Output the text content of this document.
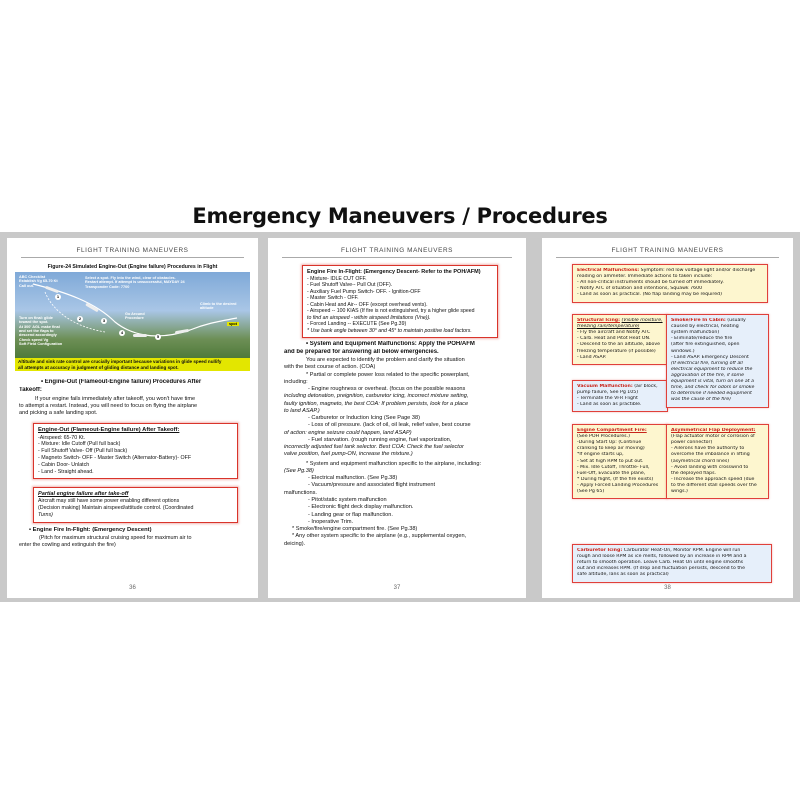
Emergency Maneuvers / Procedures
FLIGHT TRAINING MANEUVERS
Figure-24 Simulated Engine-Out (Engine failure) Procedures in Flight
ABC Checklist
Establish Vg 65-70 Kt
Call out.
Select a spot. Fly into the wind, clear of obstacles.
Restart attempt. If attempt is unsuccessful, MAYDAY 24
Transponder Code: 7700
Turn on final: glide
toward the spot.
At 300' AGL make final
and set the flaps to
descend accordingly
Check speed Vg
Soft Field Configuration
Go Around
Procedure
Climb to the desired
altitude
spot
1
2	3
4
5
Altitude and sink rate control are crucially important because variations in glide speed nullify
all attempts at accuracy in judgment of gliding distance and landing spot.
• Engine-Out (Flameout-Engine failure) Procedures After
Takeoff:
If your engine fails immediately after takeoff, you won't have time
to attempt a restart. Instead, you will need to focus on flying the airplane
and picking a safe landing spot.
Engine-Out (Flameout-Engine failure) After Takeoff:
-Airspeed: 65-70 Kt.
- Mixture: Idle Cutoff (Pull full back)
- Full Shutoff Valve- Off (Pull full back)
- Magneto Switch- OFF - Master Switch (Alternator-Battery)- OFF
- Cabin Door- Unlatch
- Land - Straight ahead.
Partial engine failure after take-off
Aircraft may still have some power enabling different options
(Decision making) Maintain airspeed/attitude control. (Coordinated
Turns)
• Engine Fire In-Flight: (Emergency Descent)
(Pitch for maximum structural cruising speed for maximum air to
enter the cowling and extinguish the fire)
36
FLIGHT TRAINING MANEUVERS
Engine Fire In-Flight: (Emergency Descent- Refer to the POH/AFM)
- Mixture- IDLE CUT OFF.
- Fuel Shutoff Valve-- Pull Out (OFF).
- Auxiliary Fuel Pump Switch- OFF. - Ignition-OFF
- Master Switch - OFF.
- Cabin Heat and Air-- OFF (except overhead vents).
- Airspeed -- 100 KIAS (If fire is not extinguished, try a higher glide speed
to find an airspeed - within airspeed limitations (Vne)).
- Forced Landing -- EXECUTE (See Pg.39)
* Use bank angle between 30° and 45° to maintain positive load factors.
• System and Equipment Malfunctions: Apply the POH/AFM
and be prepared for answering all below emergencies.
You are expected to identify the problem and clarify the situation
with the best course of action. (COA)
* Partial or complete power loss related to the specific powerplant,
including:
- Engine roughness or overheat. (focus on the possible reasons
including detonation, preignition, carburetor icing, incorrect mixture setting,
faulty ignition, magneto, the best COA: If problem persists, look for a place
to land ASAP.)
- Carburetor or Induction Icing (See Page 38)
- Loss of oil pressure. (lack of oil, oil leak, relief valve, best course
of action: engine seizure could happen, land ASAP)
- Fuel starvation. (rough running engine, fuel vaporization,
incorrectly adjusted fuel tank selector. Best COA: Check the fuel selector
valve position, fuel pump-ON, increase the mixture.)
* System and equipment malfunction specific to the airplane, including:
(See Pg.38)
- Electrical malfunction. (See Pg.38)
- Vacuum/pressure and associated flight instrument
malfunctions.
- Pitot/static system malfunction
- Electronic flight deck display malfunction.
- Landing gear or flap malfunction.
- Inoperative Trim.
* Smoke/fire/engine compartment fire. (See Pg.38)
* Any other system specific to the airplane (e.g., supplemental oxygen,
deicing).
37
FLIGHT TRAINING MANEUVERS
Electrical Malfunctions: Symptom: red low voltage light and/or discharge
reading on ammeter. Immediate actions to taken include:
- All non-critical instruments should be turned off immediately.
- Notify ATC of situation and intentions, Squawk 7600
- Land as soon as practical. (No flap landing may be required)
Structural Icing: (Visible moisture,
freezing rain/temperature)
- Fly the aircraft and Notify ATC
- Carb. Heat and Pitot Heat ON.
- Descend to the an altitude, above
freezing temperature (if possible)
- Land ASAP.
Vacuum Malfunction: (air block,
pump failure, See Pg 105)
- Terminate the VFR Flight
- Land as soon as practible.
Engine Compartment Fire:
(See POH Procedures.)
-During Start Up: (Continue
cranking to keep air moving)
*If engine starts up,
- Set at high RPM to put out.
- Mix. Idle Cutoff, Throttle- Full,
Fuel-Off, Evacuate the plane,
* During flight, (If the fire exists)
- Apply Forced Landing Procedures
(See Pg 65)
Smoke/Fire In Cabin: (usually
caused by electrical, heating
system malfunction)
- Eliminate/reduce the fire
(after fire extinguished, open
windows.)
- Land ASAP. Emergency Descent
(If electrical fire, turning off all
electrical equipment to reduce the
aggravation of the fire, if some
equipment is vital, turn on one at a
time, and check for odors or smoke
to determine if needed equipment
was the cause of the fire)
Asymmetrical Flap Deployment:
(Flap actuator motor or corrosion of
power connector)
- Ailerons have the authority to
overcome the imbalance in lifting
(asymetrical chord lines)
- Avoid landing with crosswind to
the deployed flaps.
- Increase the approach speed (due
to the different stall speeds over the
wings.)
Carburetor Icing: Carburator Heat-On, Monitor RPM. Engine will run
rough and loose RPM as ice melts, followed by an increase in RPM and a
return to smooth operation. Leave Carb. Heat On until engine smooths
out and increases RPM. (If drop and fluctuation persists, descend to the
safe altitude, lans as soon as practical)
38
